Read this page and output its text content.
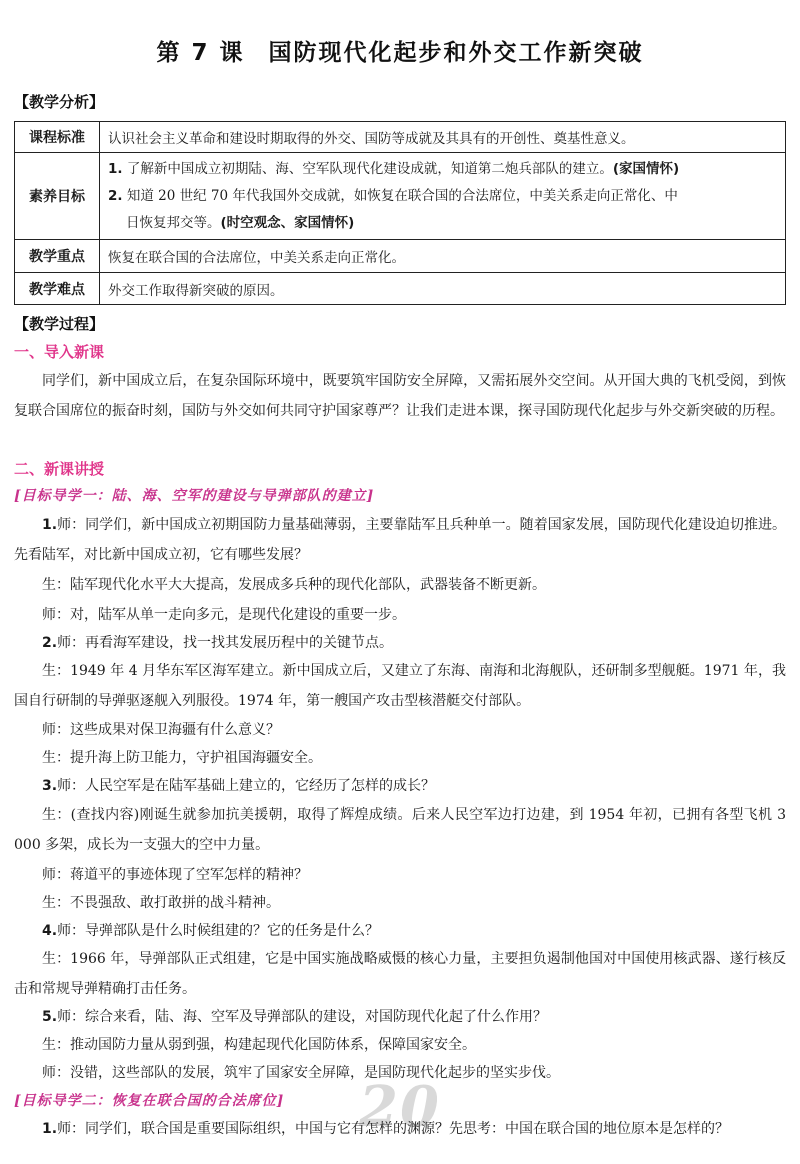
第 7 课 国防现代化起步和外交工作新突破
【教学分析】
课程标准	认识社会主义革命和建设时期取得的外交、国防等成就及其具有的开创性、奠基性意义。
素养目标	1. 了解新中国成立初期陆、海、空军队现代化建设成就，知道第二炮兵部队的建立。(家国情怀)
2. 知道 20 世纪 70 年代我国外交成就，如恢复在联合国的合法席位，中美关系走向正常化、中
日恢复邦交等。(时空观念、家国情怀)

教学重点	恢复在联合国的合法席位，中美关系走向正常化。
教学难点	外交工作取得新突破的原因。
【教学过程】
一、导入新课
同学们，新中国成立后，在复杂国际环境中，既要筑牢国防安全屏障，又需拓展外交空间。从开国大典的飞机受阅，到恢复联合国席位的振奋时刻，国防与外交如何共同守护国家尊严？让我们走进本课，探寻国防现代化起步与外交新突破的历程。
二、新课讲授
[目标导学一：陆、海、空军的建设与导弹部队的建立]
1.师：同学们，新中国成立初期国防力量基础薄弱，主要靠陆军且兵种单一。随着国家发展，国防现代化建设迫切推进。先看陆军，对比新中国成立初，它有哪些发展？
生：陆军现代化水平大大提高，发展成多兵种的现代化部队，武器装备不断更新。
师：对，陆军从单一走向多元，是现代化建设的重要一步。
2.师：再看海军建设，找一找其发展历程中的关键节点。
生：1949 年 4 月华东军区海军建立。新中国成立后，又建立了东海、南海和北海舰队，还研制多型舰艇。1971 年，我国自行研制的导弹驱逐舰入列服役。1974 年，第一艘国产攻击型核潜艇交付部队。
师：这些成果对保卫海疆有什么意义？
生：提升海上防卫能力，守护祖国海疆安全。
3.师：人民空军是在陆军基础上建立的，它经历了怎样的成长？
生：(查找内容)刚诞生就参加抗美援朝，取得了辉煌成绩。后来人民空军边打边建，到 1954 年初，已拥有各型飞机 3 000 多架，成长为一支强大的空中力量。
师：蒋道平的事迹体现了空军怎样的精神？
生：不畏强敌、敢打敢拼的战斗精神。
4.师：导弹部队是什么时候组建的？它的任务是什么？
生：1966 年，导弹部队正式组建，它是中国实施战略威慑的核心力量，主要担负遏制他国对中国使用核武器、遂行核反击和常规导弹精确打击任务。
5.师：综合来看，陆、海、空军及导弹部队的建设，对国防现代化起了什么作用？
生：推动国防力量从弱到强，构建起现代化国防体系，保障国家安全。
师：没错，这些部队的发展，筑牢了国家安全屏障，是国防现代化起步的坚实步伐。
20
[目标导学二：恢复在联合国的合法席位]
1.师：同学们，联合国是重要国际组织，中国与它有怎样的渊源？先思考：中国在联合国的地位原本是怎样的？
